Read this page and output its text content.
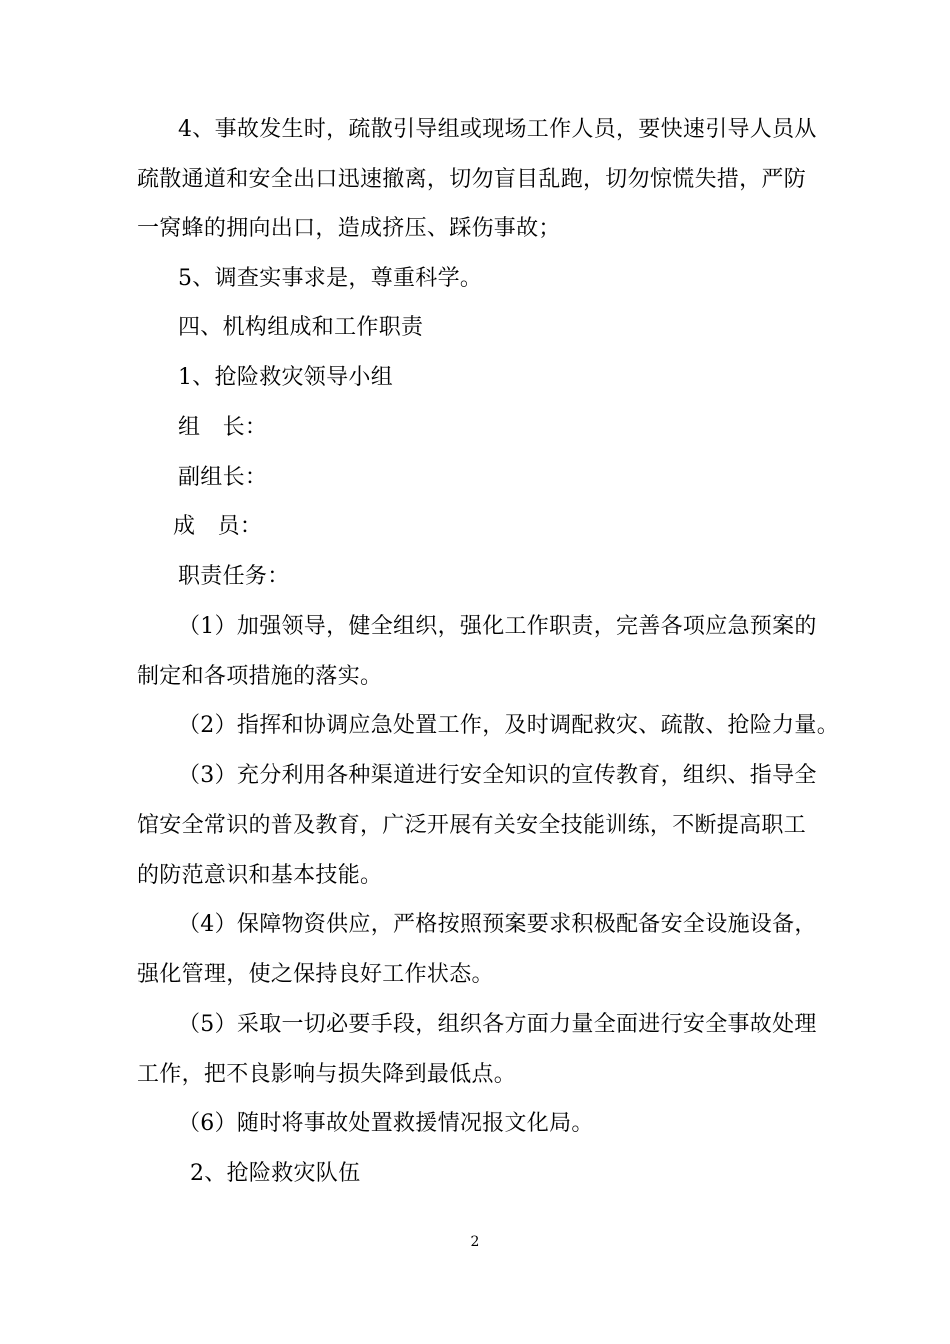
4、事故发生时，疏散引导组或现场工作人员，要快速引导人员从
疏散通道和安全出口迅速撤离，切勿盲目乱跑，切勿惊慌失措，严防
一窝蜂的拥向出口，造成挤压、踩伤事故；
5、调查实事求是，尊重科学。
四、机构组成和工作职责
1、抢险救灾领导小组
组　长：
副组长：
成　员：
职责任务：
（1）加强领导，健全组织，强化工作职责，完善各项应急预案的
制定和各项措施的落实。
（2）指挥和协调应急处置工作，及时调配救灾、疏散、抢险力量。
（3）充分利用各种渠道进行安全知识的宣传教育，组织、指导全
馆安全常识的普及教育，广泛开展有关安全技能训练，不断提高职工
的防范意识和基本技能。
（4）保障物资供应，严格按照预案要求积极配备安全设施设备，
强化管理，使之保持良好工作状态。
（5）采取一切必要手段，组织各方面力量全面进行安全事故处理
工作，把不良影响与损失降到最低点。
（6）随时将事故处置救援情况报文化局。
2、抢险救灾队伍
2
